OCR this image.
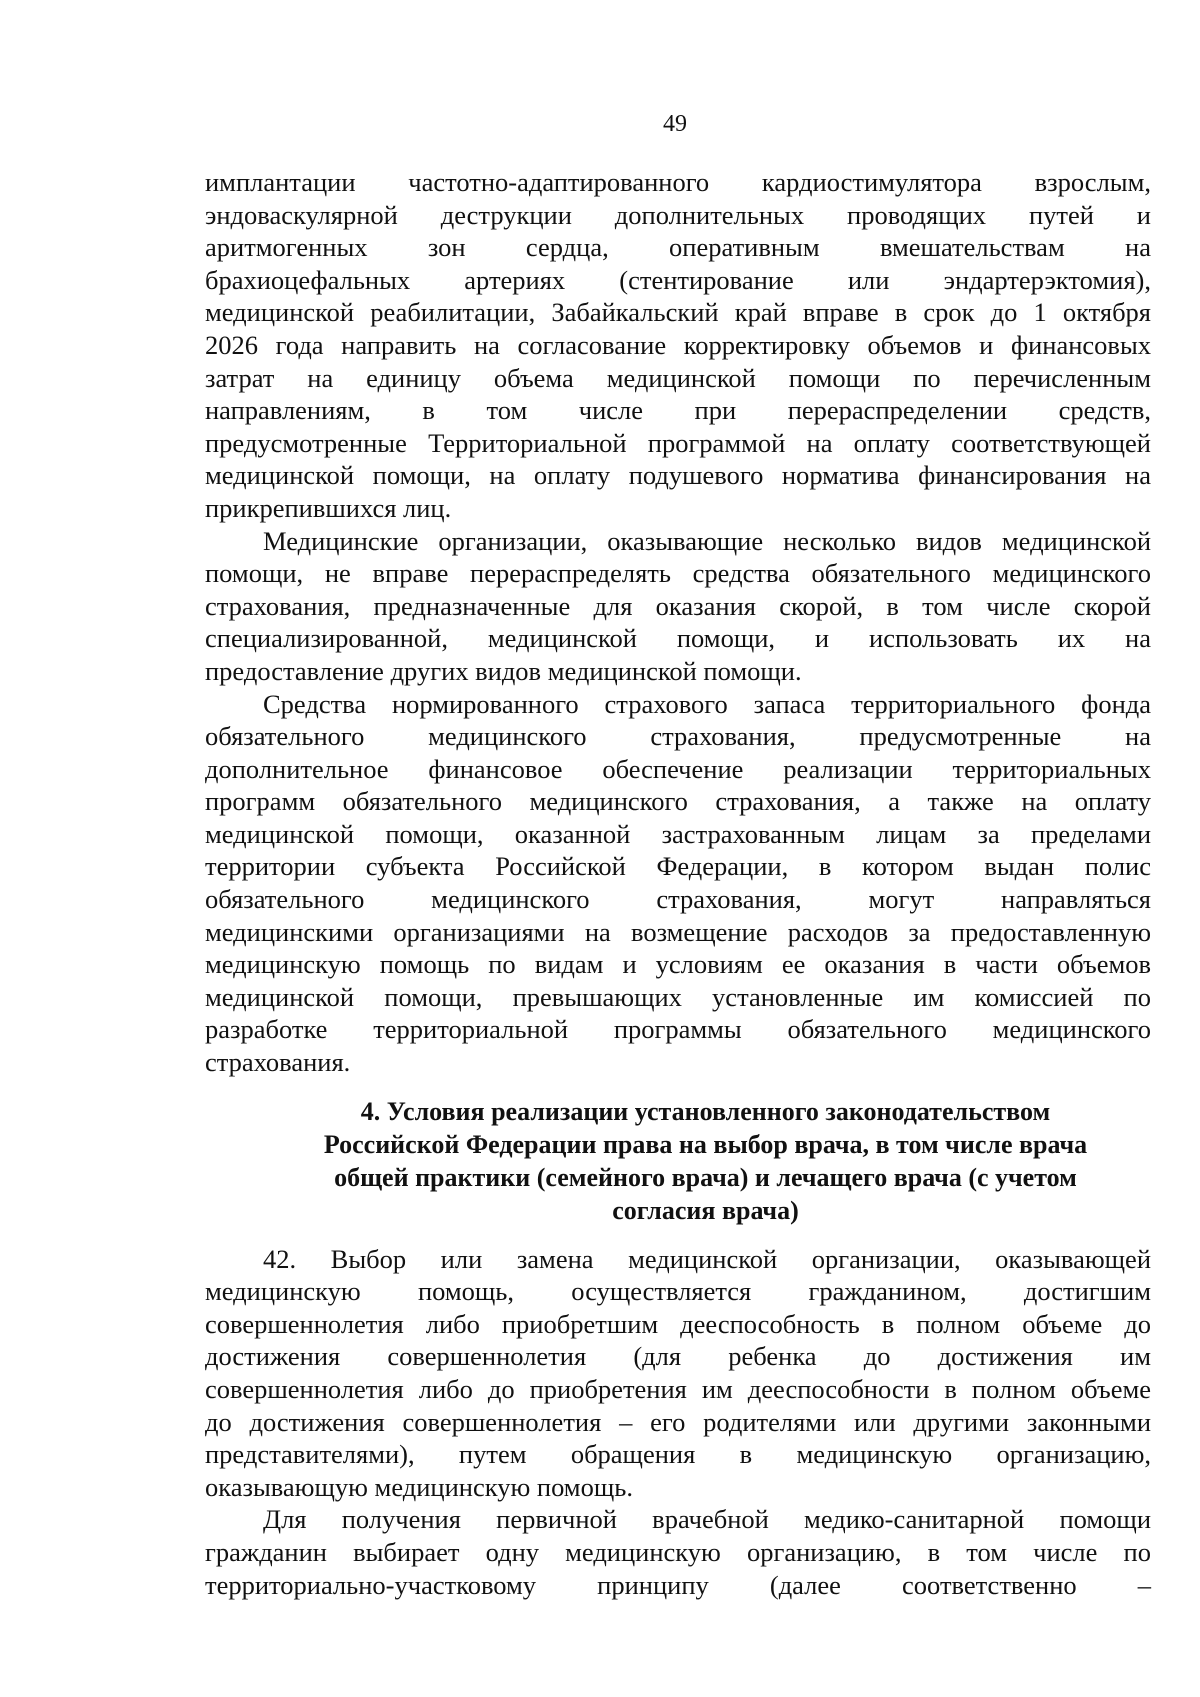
49
имплантации частотно-адаптированного кардиостимулятора взрослым,
эндоваскулярной деструкции дополнительных проводящих путей и
аритмогенных зон сердца, оперативным вмешательствам на
брахиоцефальных артериях (стентирование или эндартерэктомия),
медицинской реабилитации, Забайкальский край вправе в срок до 1 октября
2026 года направить на согласование корректировку объемов и финансовых
затрат на единицу объема медицинской помощи по перечисленным
направлениям, в том числе при перераспределении средств,
предусмотренные Территориальной программой на оплату соответствующей
медицинской помощи, на оплату подушевого норматива финансирования на
прикрепившихся лиц.
Медицинские организации, оказывающие несколько видов медицинской
помощи, не вправе перераспределять средства обязательного медицинского
страхования, предназначенные для оказания скорой, в том числе скорой
специализированной, медицинской помощи, и использовать их на
предоставление других видов медицинской помощи.
Средства нормированного страхового запаса территориального фонда
обязательного медицинского страхования, предусмотренные на
дополнительное финансовое обеспечение реализации территориальных
программ обязательного медицинского страхования, а также на оплату
медицинской помощи, оказанной застрахованным лицам за пределами
территории субъекта Российской Федерации, в котором выдан полис
обязательного медицинского страхования, могут направляться
медицинскими организациями на возмещение расходов за предоставленную
медицинскую помощь по видам и условиям ее оказания в части объемов
медицинской помощи, превышающих установленные им комиссией по
разработке территориальной программы обязательного медицинского
страхования.
4. Условия реализации установленного законодательством
Российской Федерации права на выбор врача, в том числе врача
общей практики (семейного врача) и лечащего врача (с учетом
согласия врача)
42. Выбор или замена медицинской организации, оказывающей
медицинскую помощь, осуществляется гражданином, достигшим
совершеннолетия либо приобретшим дееспособность в полном объеме до
достижения совершеннолетия (для ребенка до достижения им
совершеннолетия либо до приобретения им дееспособности в полном объеме
до достижения совершеннолетия – его родителями или другими законными
представителями), путем обращения в медицинскую организацию,
оказывающую медицинскую помощь.
Для получения первичной врачебной медико-санитарной помощи
гражданин выбирает одну медицинскую организацию, в том числе по
территориально-участковому принципу (далее соответственно –
